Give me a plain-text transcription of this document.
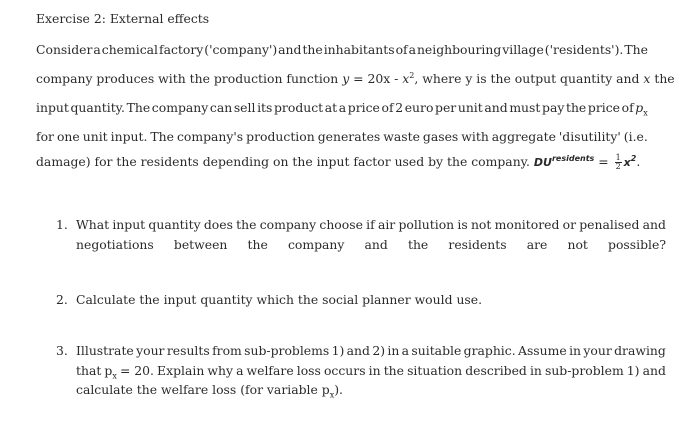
Exercise 2: External effects
Consider a chemical factory ('company') and the inhabitants of a neighbouring village ('residents'). The
company produces with the production function $y = 20x - x^2$, where y is the output quantity and x the
input quantity. The company can sell its product at a price of 2 euro per unit and must pay the price of $p_x$
for one unit input. The company's production generates waste gases with aggregate 'disutility' (i.e.
damage) for the residents depending on the input factor used by the company. $DU^{residents} = \frac{1}{2} x^2$.
1. What input quantity does the company choose if air pollution is not monitored or penalised and
negotiations between the company and the residents are not possible?
2. Calculate the input quantity which the social planner would use.
3. Illustrate your results from sub-problems 1) and 2) in a suitable graphic. Assume in your drawing
that $p_x = 20$. Explain why a welfare loss occurs in the situation described in sub-problem 1) and
calculate the welfare loss (for variable $p_x$).
